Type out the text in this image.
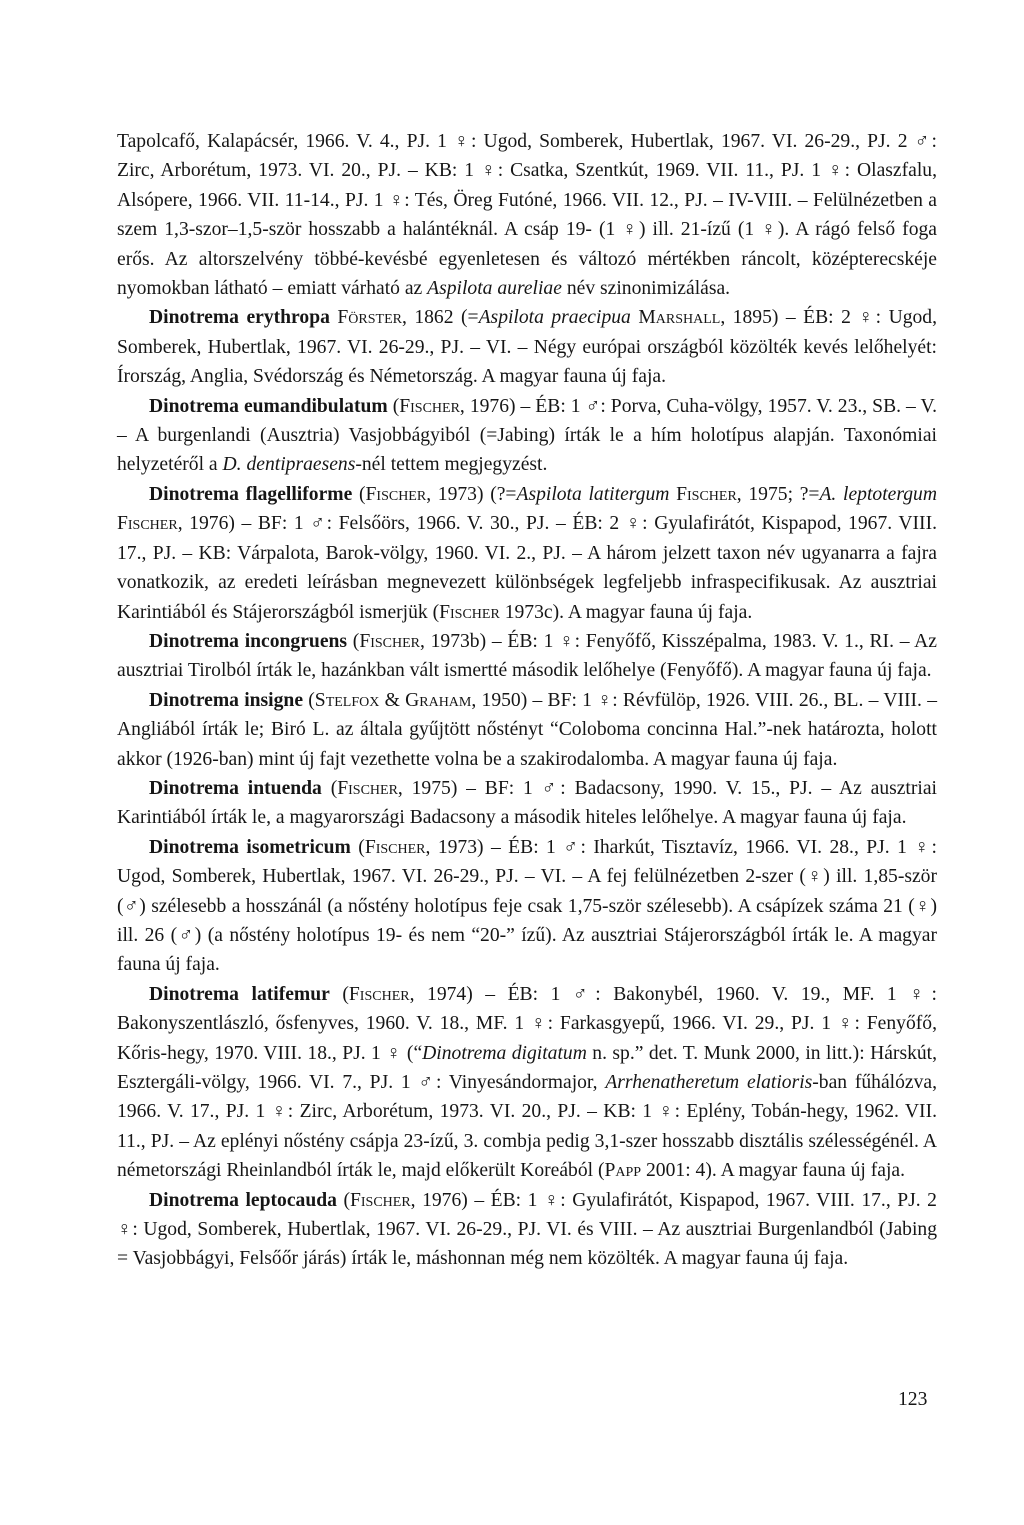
Tapolcafő, Kalapácsér, 1966. V. 4., PJ. 1 ♀: Ugod, Somberek, Hubertlak, 1967. VI. 26-29., PJ. 2 ♂: Zirc, Arborétum, 1973. VI. 20., PJ. – KB: 1 ♀: Csatka, Szentkút, 1969. VII. 11., PJ. 1 ♀: Olaszfalu, Alsópere, 1966. VII. 11-14., PJ. 1 ♀: Tés, Öreg Futóné, 1966. VII. 12., PJ. – IV-VIII. – Felülnézetben a szem 1,3-szor–1,5-ször hosszabb a halántéknál. A csáp 19- (1 ♀) ill. 21-ízű (1 ♀). A rágó felső foga erős. Az altorszelvény többé-kevésbé egyenletesen és változó mértékben ráncolt, középterecskéje nyomokban látható – emiatt várható az Aspilota aureliae név szinonimizálása.

Dinotrema erythropa Förster, 1862 (=Aspilota praecipua Marshall, 1895) – ÉB: 2 ♀: Ugod, Somberek, Hubertlak, 1967. VI. 26-29., PJ. – VI. – Négy európai országból közölték kevés lelőhelyét: Írország, Anglia, Svédország és Németország. A magyar fauna új faja.

Dinotrema eumandibulatum (Fischer, 1976) – ÉB: 1 ♂: Porva, Cuha-völgy, 1957. V. 23., SB. – V. – A burgenlandi (Ausztria) Vasjobbágyiból (=Jabing) írták le a hím holotípus alapján. Taxonómiai helyzetéről a D. dentipraesens-nél tettem megjegyzést.

Dinotrema flagelliforme (Fischer, 1973) (?=Aspilota latitergum Fischer, 1975; ?=A. leptotergum Fischer, 1976) – BF: 1 ♂: Felsőörs, 1966. V. 30., PJ. – ÉB: 2 ♀: Gyulafirátót, Kispapod, 1967. VIII. 17., PJ. – KB: Várpalota, Barok-völgy, 1960. VI. 2., PJ. – A három jelzett taxon név ugyanarra a fajra vonatkozik, az eredeti leírásban megnevezett különbségek legfeljebb infraspecifikusak. Az ausztriai Karintiából és Stájerországból ismerjük (Fischer 1973c). A magyar fauna új faja.

Dinotrema incongruens (Fischer, 1973b) – ÉB: 1 ♀: Fenyőfő, Kisszépalma, 1983. V. 1., RI. – Az ausztriai Tirolból írták le, hazánkban vált ismertté második lelőhelye (Fenyőfő). A magyar fauna új faja.

Dinotrema insigne (Stelfox & Graham, 1950) – BF: 1 ♀: Révfülöp, 1926. VIII. 26., BL. – VIII. – Angliából írták le; Biró L. az általa gyűjtött nőstényt “Coloboma concinna Hal.”-nek határozta, holott akkor (1926-ban) mint új fajt vezethette volna be a szakirodalomba. A magyar fauna új faja.

Dinotrema intuenda (Fischer, 1975) – BF: 1 ♂: Badacsony, 1990. V. 15., PJ. – Az ausztriai Karintiából írták le, a magyarországi Badacsony a második hiteles lelőhelye. A magyar fauna új faja.

Dinotrema isometricum (Fischer, 1973) – ÉB: 1 ♂: Iharkút, Tisztavíz, 1966. VI. 28., PJ. 1 ♀: Ugod, Somberek, Hubertlak, 1967. VI. 26-29., PJ. – VI. – A fej felülnézetben 2-szer (♀) ill. 1,85-ször (♂) szélesebb a hosszánál (a nőstény holotípus feje csak 1,75-ször szélesebb). A csápízek száma 21 (♀) ill. 26 (♂) (a nőstény holotípus 19- és nem “20-” ízű). Az ausztriai Stájerországból írták le. A magyar fauna új faja.

Dinotrema latifemur (Fischer, 1974) – ÉB: 1 ♂: Bakonybél, 1960. V. 19., MF. 1 ♀: Bakonyszentlászló, ősfenyves, 1960. V. 18., MF. 1 ♀: Farkasgyepű, 1966. VI. 29., PJ. 1 ♀: Fenyőfő, Kőris-hegy, 1970. VIII. 18., PJ. 1 ♀ (“Dinotrema digitatum n. sp.” det. T. Munk 2000, in litt.): Hárskút, Esztergáli-völgy, 1966. VI. 7., PJ. 1 ♂: Vinyesándormajor, Arrhenatheretum elatioris-ban fűhálózva, 1966. V. 17., PJ. 1 ♀: Zirc, Arborétum, 1973. VI. 20., PJ. – KB: 1 ♀: Eplény, Tobán-hegy, 1962. VII. 11., PJ. – Az eplényi nőstény csápja 23-ízű, 3. combja pedig 3,1-szer hosszabb disztális szélességénél. A németországi Rheinlandból írták le, majd előkerült Koreából (Papp 2001: 4). A magyar fauna új faja.

Dinotrema leptocauda (Fischer, 1976) – ÉB: 1 ♀: Gyulafirátót, Kispapod, 1967. VIII. 17., PJ. 2 ♀: Ugod, Somberek, Hubertlak, 1967. VI. 26-29., PJ. VI. és VIII. – Az ausztriai Burgenlandból (Jabing = Vasjobbágyi, Felsőőr járás) írták le, máshonnan még nem közölték. A magyar fauna új faja.

123
